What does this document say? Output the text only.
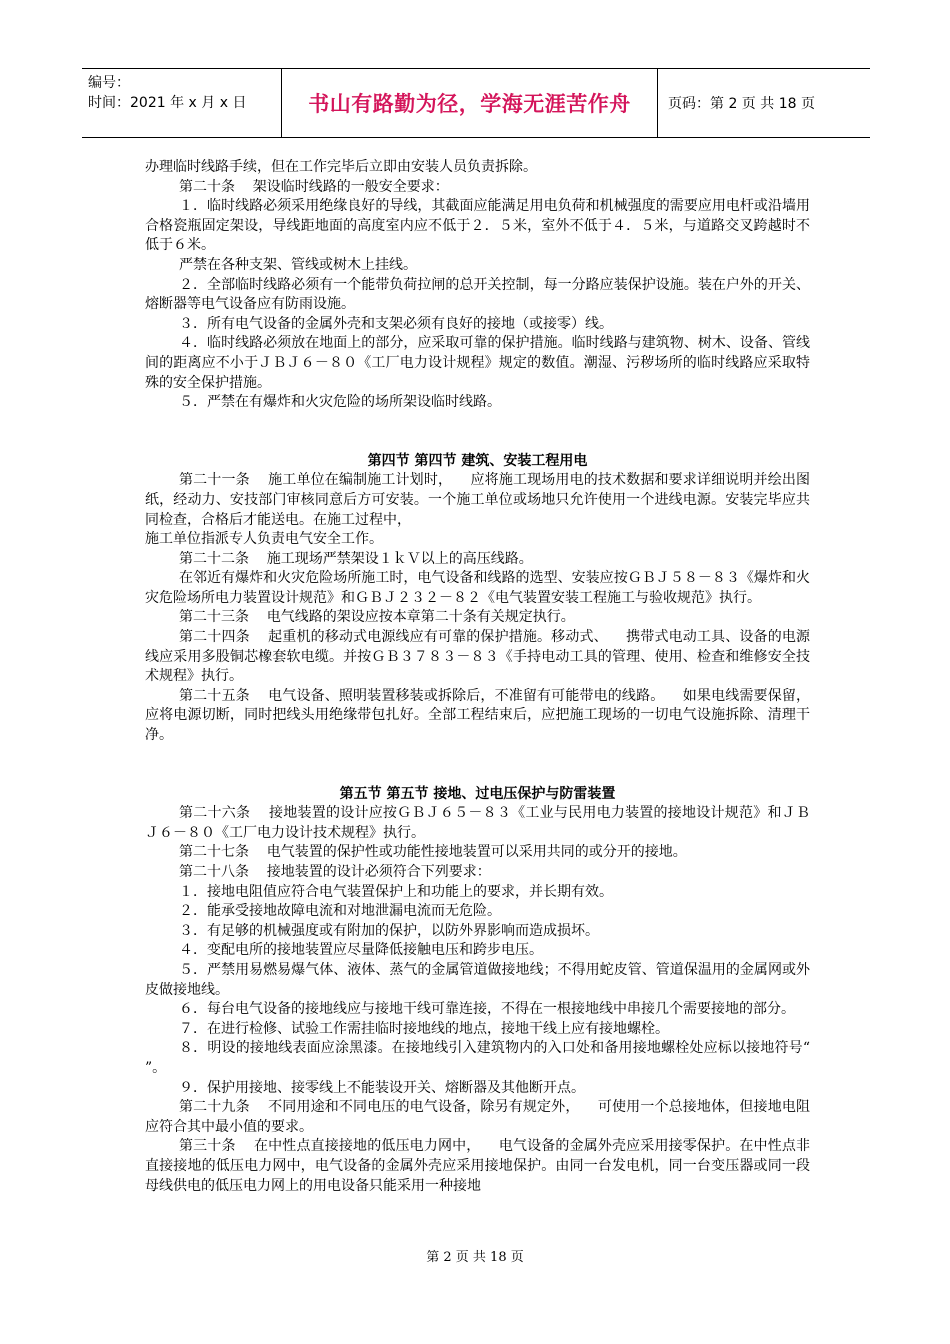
编号：
时间：2021 年 x 月 x 日	书山有路勤为径，学海无涯苦作舟	页码：第 2 页 共 18 页

办理临时线路手续，但在工作完毕后立即由安装人员负责拆除。

第二十条    架设临时线路的一般安全要求：

１．临时线路必须采用绝缘良好的导线，其截面应能满足用电负荷和机械强度的需要应用电杆或沿墙用合格瓷瓶固定架设，导线距地面的高度室内应不低于２．５米，室外不低于４．５米，与道路交叉跨越时不低于６米。

严禁在各种支架、管线或树木上挂线。

２．全部临时线路必须有一个能带负荷拉闸的总开关控制，每一分路应装保护设施。装在户外的开关、熔断器等电气设备应有防雨设施。

３．所有电气设备的金属外壳和支架必须有良好的接地（或接零）线。

４．临时线路必须放在地面上的部分，应采取可靠的保护措施。临时线路与建筑物、树木、设备、管线间的距离应不小于ＪＢＪ６－８０《工厂电力设计规程》规定的数值。潮湿、污秽场所的临时线路应采取特殊的安全保护措施。

５．严禁在有爆炸和火灾危险的场所架设临时线路。

第四节 第四节 建筑、安装工程用电

第二十一条    施工单位在编制施工计划时，    应将施工现场用电的技术数据和要求详细说明并绘出图纸，经动力、安技部门审核同意后方可安装。一个施工单位或场地只允许使用一个进线电源。安装完毕应共同检查，合格后才能送电。在施工过程中，

施工单位指派专人负责电气安全工作。

第二十二条    施工现场严禁架设１ｋＶ以上的高压线路。

在邻近有爆炸和火灾危险场所施工时，电气设备和线路的选型、安装应按ＧＢＪ５８－８３《爆炸和火灾危险场所电力装置设计规范》和ＧＢＪ２３２－８２《电气装置安装工程施工与验收规范》执行。

第二十三条    电气线路的架设应按本章第二十条有关规定执行。

第二十四条    起重机的移动式电源线应有可靠的保护措施。移动式、    携带式电动工具、设备的电源线应采用多股铜芯橡套软电缆。并按ＧＢ３７８３－８３《手持电动工具的管理、使用、检查和维修安全技术规程》执行。

第二十五条    电气设备、照明装置移装或拆除后，不准留有可能带电的线路。    如果电线需要保留，应将电源切断，同时把线头用绝缘带包扎好。全部工程结束后，应把施工现场的一切电气设施拆除、清理干净。

第五节 第五节 接地、过电压保护与防雷装置

第二十六条    接地装置的设计应按ＧＢＪ６５－８３《工业与民用电力装置的接地设计规范》和ＪＢＪ６－８０《工厂电力设计技术规程》执行。

第二十七条    电气装置的保护性或功能性接地装置可以采用共同的或分开的接地。

第二十八条    接地装置的设计必须符合下列要求：

１．接地电阻值应符合电气装置保护上和功能上的要求，并长期有效。

２．能承受接地故障电流和对地泄漏电流而无危险。

３．有足够的机械强度或有附加的保护，以防外界影响而造成损坏。

４．变配电所的接地装置应尽量降低接触电压和跨步电压。

５．严禁用易燃易爆气体、液体、蒸气的金属管道做接地线；不得用蛇皮管、管道保温用的金属网或外皮做接地线。

６．每台电气设备的接地线应与接地干线可靠连接，不得在一根接地线中串接几个需要接地的部分。

７．在进行检修、试验工作需挂临时接地线的地点，接地干线上应有接地螺栓。

８．明设的接地线表面应涂黑漆。在接地线引入建筑物内的入口处和备用接地螺栓处应标以接地符号“    ”。

９．保护用接地、接零线上不能装设开关、熔断器及其他断开点。

第二十九条    不同用途和不同电压的电气设备，除另有规定外，    可使用一个总接地体，但接地电阻应符合其中最小值的要求。

第三十条    在中性点直接接地的低压电力网中，    电气设备的金属外壳应采用接零保护。在中性点非直接接地的低压电力网中，电气设备的金属外壳应采用接地保护。由同一台发电机，同一台变压器或同一段母线供电的低压电力网上的用电设备只能采用一种接地

第 2 页 共 18 页
